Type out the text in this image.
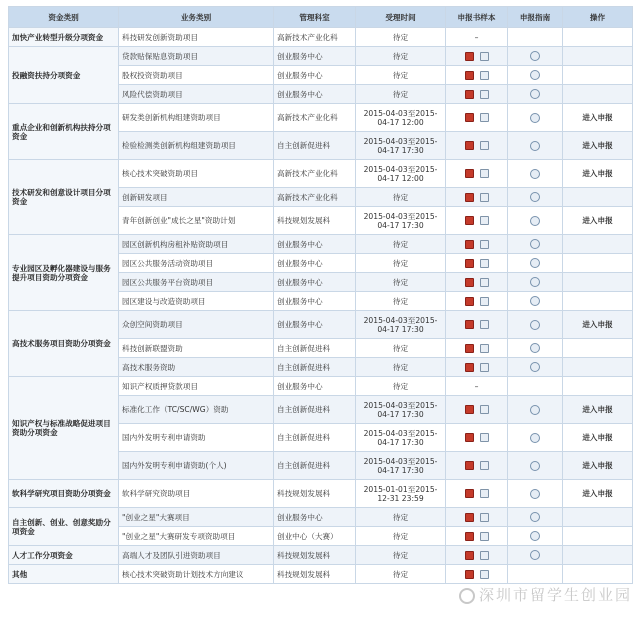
资金类别	业务类别	管理科室	受理时间	申报书样本	申报指南	操作
加快产业转型升级分项资金	科技研发创新资助项目	高新技术产业化科	待定	–		
投融资扶持分项资金	贷款贴保贴息资助项目	创业服务中心	待定			
	股权投资资助项目	创业服务中心	待定			
	风险代偿资助项目	创业服务中心	待定			
重点企业和创新机构扶持分项资金	研发类创新机构组建资助项目	高新技术产业化科	2015-04-03至2015-04-17 12:00			进入申报
	检验检测类创新机构组建资助项目	自主创新促进科	2015-04-03至2015-04-17 17:30			进入申报
技术研发和创意设计项目分项资金	核心技术突破资助项目	高新技术产业化科	2015-04-03至2015-04-17 12:00			进入申报
	创新研发项目	高新技术产业化科	待定			
	青年创新创业"成长之星"资助计划	科技规划发展科	2015-04-03至2015-04-17 17:30			进入申报
专业园区及孵化器建设与服务提升项目资助分项资金	园区创新机构房租补贴资助项目	创业服务中心	待定			
	园区公共服务活动资助项目	创业服务中心	待定			
	园区公共服务平台资助项目	创业服务中心	待定			
	园区建设与改造资助项目	创业服务中心	待定			
高技术服务项目资助分项资金	众创空间资助项目	创业服务中心	2015-04-03至2015-04-17 17:30			进入申报
	科技创新联盟资助	自主创新促进科	待定			
	高技术服务资助	自主创新促进科	待定			
知识产权与标准战略促进项目资助分项资金	知识产权质押贷款项目	创业服务中心	待定	–		
	标准化工作（TC/SC/WG）资助	自主创新促进科	2015-04-03至2015-04-17 17:30			进入申报
	国内外发明专利申请资助	自主创新促进科	2015-04-03至2015-04-17 17:30			进入申报
	国内外发明专利申请资助(个人)	自主创新促进科	2015-04-03至2015-04-17 17:30			进入申报
软科学研究项目资助分项资金	软科学研究资助项目	科技规划发展科	2015-01-01至2015-12-31 23:59			进入申报
自主创新、创业、创意奖励分项资金	"创业之星"大赛项目	创业服务中心	待定			
	"创业之星"大赛研发专项资助项目	创业中心（大赛）	待定			
人才工作分项资金	高端人才及团队引进资助项目	科技规划发展科	待定			
其他	核心技术突破资助计划技术方向建议	科技规划发展科	待定			
深圳市留学生创业园
